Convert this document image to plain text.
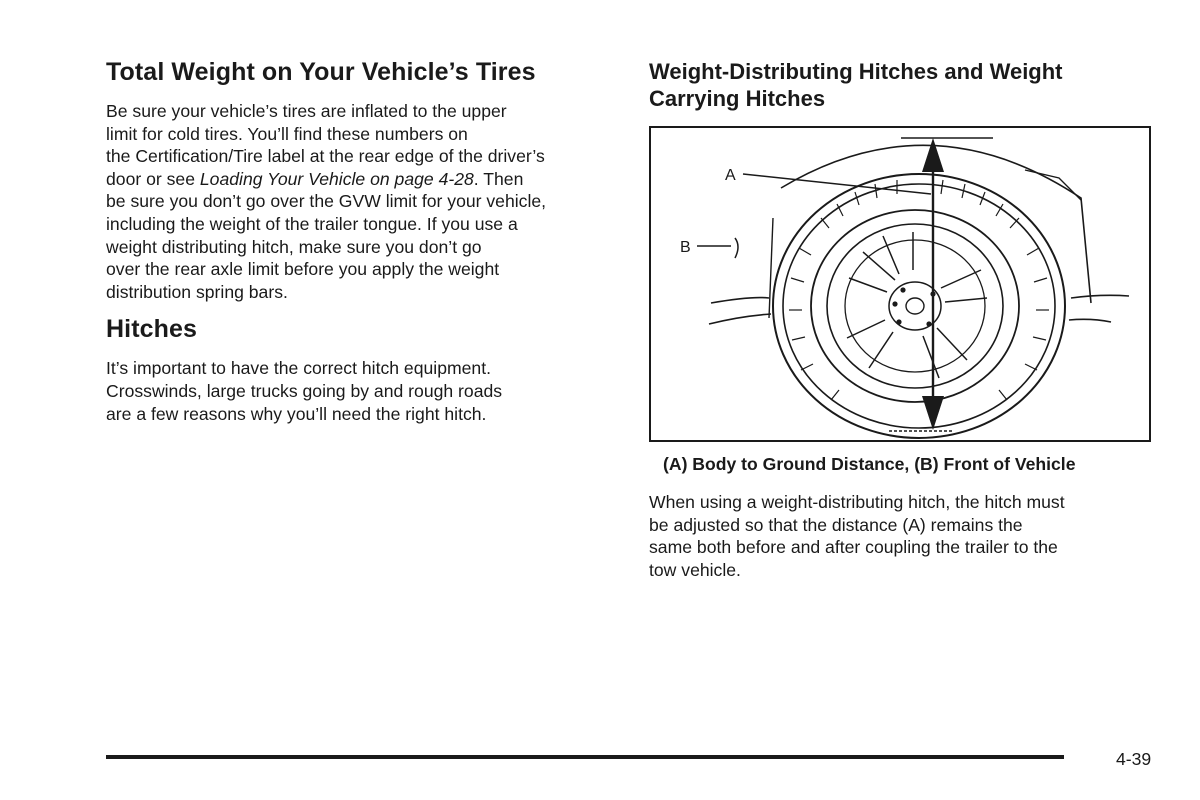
Total Weight on Your Vehicle’s Tires

Be sure your vehicle’s tires are inflated to the upper
limit for cold tires. You’ll find these numbers on
the Certification/Tire label at the rear edge of the driver’s
door or see Loading Your Vehicle on page 4-28. Then
be sure you don’t go over the GVW limit for your vehicle,
including the weight of the trailer tongue. If you use a
weight distributing hitch, make sure you don’t go
over the rear axle limit before you apply the weight
distribution spring bars.

Hitches

It’s important to have the correct hitch equipment.
Crosswinds, large trucks going by and rough roads
are a few reasons why you’ll need the right hitch.

Weight-Distributing Hitches and Weight
Carrying Hitches
A
B
(A) Body to Ground Distance, (B) Front of Vehicle

When using a weight-distributing hitch, the hitch must
be adjusted so that the distance (A) remains the
same both before and after coupling the trailer to the
tow vehicle.

4-39
